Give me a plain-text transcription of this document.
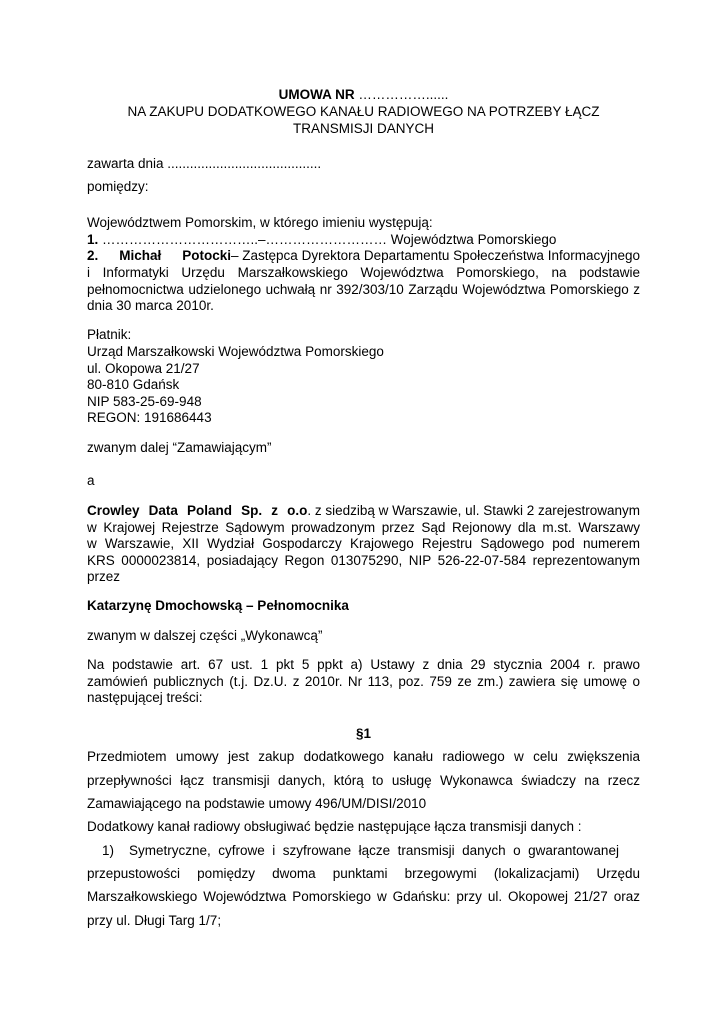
UMOWA NR ……………......
NA ZAKUPU DODATKOWEGO KANAŁU RADIOWEGO NA POTRZEBY ŁĄCZ
TRANSMISJI DANYCH
zawarta dnia .........................................
pomiędzy:
Województwem Pomorskim, w którego imieniu występują:
1. ……………………………..–……………………… Województwa Pomorskiego
2. Michał Potocki– Zastępca Dyrektora Departamentu Społeczeństwa Informacyjnego
i Informatyki Urzędu Marszałkowskiego Województwa Pomorskiego, na podstawie
pełnomocnictwa udzielonego uchwałą nr 392/303/10 Zarządu Województwa Pomorskiego z
dnia 30 marca 2010r.
Płatnik:
Urząd Marszałkowski Województwa Pomorskiego
ul. Okopowa 21/27
80-810 Gdańsk
NIP 583-25-69-948
REGON: 191686443
zwanym dalej “Zamawiającym”
a
Crowley Data Poland Sp. z o.o. z siedzibą w Warszawie, ul. Stawki 2 zarejestrowanym
w Krajowej Rejestrze Sądowym prowadzonym przez Sąd Rejonowy dla m.st. Warszawy
w Warszawie, XII Wydział Gospodarczy Krajowego Rejestru Sądowego pod numerem
KRS 0000023814, posiadający Regon 013075290, NIP 526-22-07-584 reprezentowanym
przez
Katarzynę Dmochowską – Pełnomocnika
zwanym w dalszej części „Wykonawcą”
Na podstawie art. 67 ust. 1 pkt 5 ppkt a) Ustawy z dnia 29 stycznia 2004 r. prawo
zamówień publicznych (t.j. Dz.U. z 2010r. Nr 113, poz. 759 ze zm.) zawiera się umowę o
następującej treści:
§1
Przedmiotem umowy jest zakup dodatkowego kanału radiowego w celu zwiększenia
przepływności łącz transmisji danych, którą to usługę Wykonawca świadczy na rzecz
Zamawiającego na podstawie umowy 496/UM/DISI/2010
Dodatkowy kanał radiowy obsługiwać będzie następujące łącza transmisji danych :
1)    Symetryczne,  cyfrowe  i  szyfrowane  łącze  transmisji  danych  o  gwarantowanej
przepustowości pomiędzy dwoma punktami brzegowymi (lokalizacjami) Urzędu
Marszałkowskiego Województwa Pomorskiego w Gdańsku: przy ul. Okopowej 21/27 oraz
przy ul. Długi Targ 1/7;
